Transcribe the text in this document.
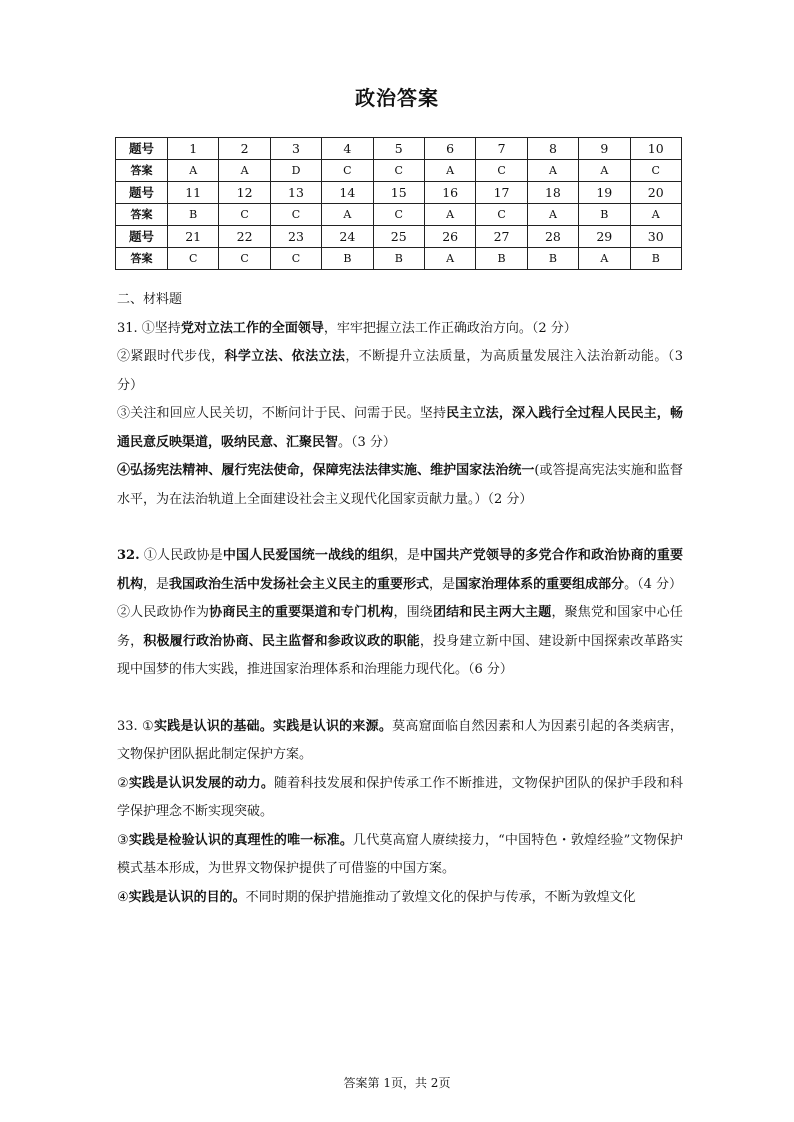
政治答案
题号	1	2	3	4	5	6	7	8	9	10
答案	A	A	D	C	C	A	C	A	A	C
题号	11	12	13	14	15	16	17	18	19	20
答案	B	C	C	A	C	A	C	A	B	A
题号	21	22	23	24	25	26	27	28	29	30
答案	C	C	C	B	B	A	B	B	A	B

二、材料题

31. ①坚持党对立法工作的全面领导，牢牢把握立法工作正确政治方向。（2 分）

②紧跟时代步伐，科学立法、依法立法，不断提升立法质量，为高质量发展注入法治新动能。（3 分）

③关注和回应人民关切，不断问计于民、问需于民。坚持民主立法，深入践行全过程人民民主，畅通民意反映渠道，吸纳民意、汇聚民智。（3 分）

④弘扬宪法精神、履行宪法使命，保障宪法法律实施、维护国家法治统一(或答提高宪法实施和监督水平，为在法治轨道上全面建设社会主义现代化国家贡献力量。）（2 分）

32. ①人民政协是中国人民爱国统一战线的组织，是中国共产党领导的多党合作和政治协商的重要机构，是我国政治生活中发扬社会主义民主的重要形式，是国家治理体系的重要组成部分。（4 分）

②人民政协作为协商民主的重要渠道和专门机构，围绕团结和民主两大主题，聚焦党和国家中心任务，积极履行政治协商、民主监督和参政议政的职能，投身建立新中国、建设新中国探索改革路实现中国梦的伟大实践，推进国家治理体系和治理能力现代化。（6 分）

33. ①实践是认识的基础。实践是认识的来源。莫高窟面临自然因素和人为因素引起的各类病害，文物保护团队据此制定保护方案。

②实践是认识发展的动力。随着科技发展和保护传承工作不断推进，文物保护团队的保护手段和科学保护理念不断实现突破。

③实践是检验认识的真理性的唯一标准。几代莫高窟人赓续接力，“中国特色・敦煌经验”文物保护模式基本形成，为世界文物保护提供了可借鉴的中国方案。

④实践是认识的目的。不同时期的保护措施推动了敦煌文化的保护与传承，不断为敦煌文化

答案第 1页，共 2页
